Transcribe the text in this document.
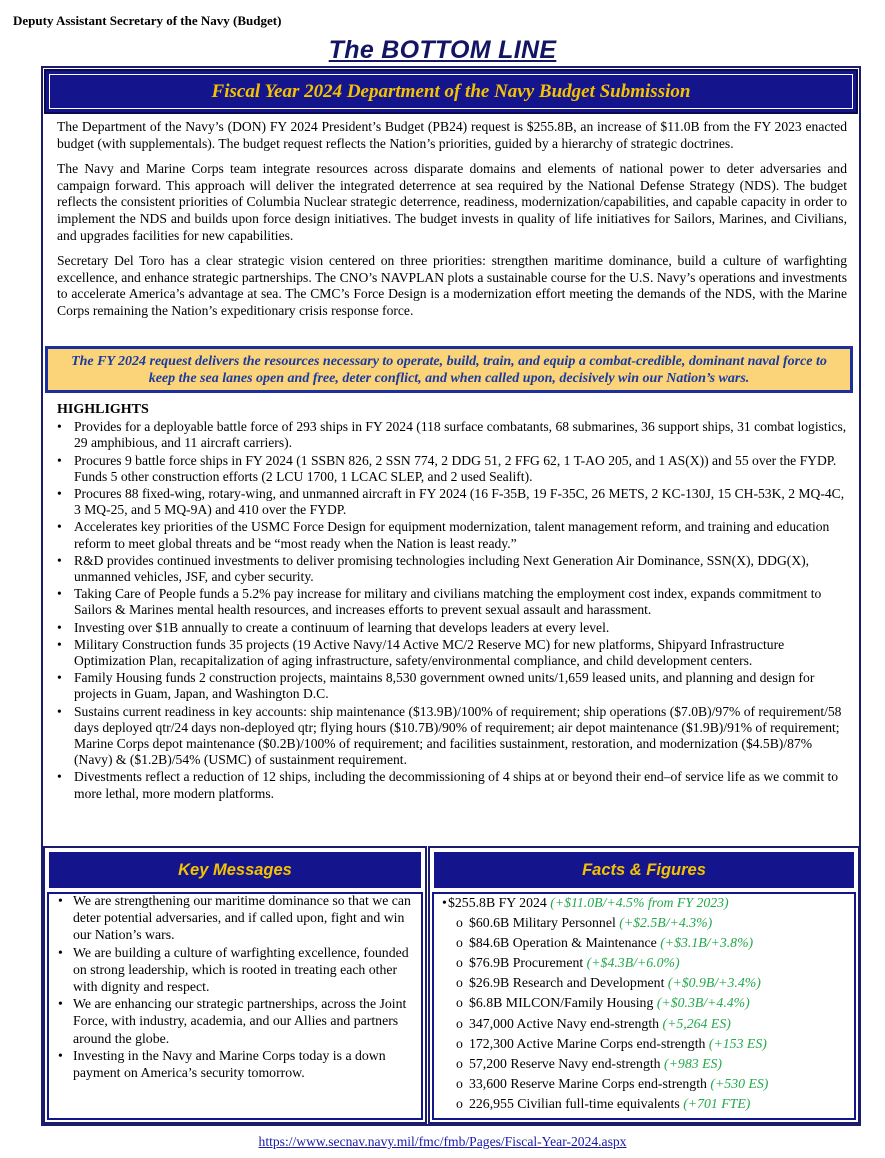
Deputy Assistant Secretary of the Navy (Budget)
The BOTTOM LINE
Fiscal Year 2024 Department of the Navy Budget Submission

The Department of the Navy’s (DON) FY 2024 President’s Budget (PB24) request is $255.8B, an increase of $11.0B from the FY 2023 enacted budget (with supplementals). The budget request reflects the Nation’s priorities, guided by a hierarchy of strategic doctrines.

The Navy and Marine Corps team integrate resources across disparate domains and elements of national power to deter adversaries and campaign forward. This approach will deliver the integrated deterrence at sea required by the National Defense Strategy (NDS). The budget reflects the consistent priorities of Columbia Nuclear strategic deterrence, readiness, modernization/capabilities, and capable capacity in order to implement the NDS and builds upon force design initiatives. The budget invests in quality of life initiatives for Sailors, Marines, and Civilians, and upgrades facilities for new capabilities.

Secretary Del Toro has a clear strategic vision centered on three priorities: strengthen maritime dominance, build a culture of warfighting excellence, and enhance strategic partnerships. The CNO’s NAVPLAN plots a sustainable course for the U.S. Navy’s operations and investments to accelerate America’s advantage at sea. The CMC’s Force Design is a modernization effort meeting the demands of the NDS, with the Marine Corps remaining the Nation’s expeditionary crisis response force.

The FY 2024 request delivers the resources necessary to operate, build, train, and equip a combat-credible, dominant naval force to keep the sea lanes open and free, deter conflict, and when called upon, decisively win our Nation’s wars.
HIGHLIGHTS
• Provides for a deployable battle force of 293 ships in FY 2024 (118 surface combatants, 68 submarines, 36 support ships, 31 combat logistics, 29 amphibious, and 11 aircraft carriers).
• Procures 9 battle force ships in FY 2024 (1 SSBN 826, 2 SSN 774, 2 DDG 51, 2 FFG 62, 1 T-AO 205, and 1 AS(X)) and 55 over the FYDP. Funds 5 other construction efforts (2 LCU 1700, 1 LCAC SLEP, and 2 used Sealift).
• Procures 88 fixed-wing, rotary-wing, and unmanned aircraft in FY 2024 (16 F-35B, 19 F-35C, 26 METS, 2 KC-130J, 15 CH-53K, 2 MQ-4C, 3 MQ-25, and 5 MQ-9A) and 410 over the FYDP.
• Accelerates key priorities of the USMC Force Design for equipment modernization, talent management reform, and training and education reform to meet global threats and be “most ready when the Nation is least ready.”
• R&D provides continued investments to deliver promising technologies including Next Generation Air Dominance, SSN(X), DDG(X), unmanned vehicles, JSF, and cyber security.
• Taking Care of People funds a 5.2% pay increase for military and civilians matching the employment cost index, expands commitment to Sailors & Marines mental health resources, and increases efforts to prevent sexual assault and harassment.
• Investing over $1B annually to create a continuum of learning that develops leaders at every level.
• Military Construction funds 35 projects (19 Active Navy/14 Active MC/2 Reserve MC) for new platforms, Shipyard Infrastructure Optimization Plan, recapitalization of aging infrastructure, safety/environmental compliance, and child development centers.
• Family Housing funds 2 construction projects, maintains 8,530 government owned units/1,659 leased units, and planning and design for projects in Guam, Japan, and Washington D.C.
• Sustains current readiness in key accounts: ship maintenance ($13.9B)/100% of requirement; ship operations ($7.0B)/97% of requirement/58 days deployed qtr/24 days non-deployed qtr; flying hours ($10.7B)/90% of requirement; air depot maintenance ($1.9B)/91% of requirement; Marine Corps depot maintenance ($0.2B)/100% of requirement; and facilities sustainment, restoration, and modernization ($4.5B)/87% (Navy) & ($1.2B)/54% (USMC) of sustainment requirement.
• Divestments reflect a reduction of 12 ships, including the decommissioning of 4 ships at or beyond their end–of service life as we commit to more lethal, more modern platforms.
Key Messages
• We are strengthening our maritime dominance so that we can deter potential adversaries, and if called upon, fight and win our Nation’s wars.
• We are building a culture of warfighting excellence, founded on strong leadership, which is rooted in treating each other with dignity and respect.
• We are enhancing our strategic partnerships, across the Joint Force, with industry, academia, and our Allies and partners around the globe.
• Investing in the Navy and Marine Corps today is a down payment on America’s security tomorrow.
Facts & Figures
• $255.8B FY 2024 (+$11.0B/+4.5% from FY 2023)
o $60.6B Military Personnel (+$2.5B/+4.3%)
o $84.6B Operation & Maintenance (+$3.1B/+3.8%)
o $76.9B Procurement (+$4.3B/+6.0%)
o $26.9B Research and Development (+$0.9B/+3.4%)
o $6.8B MILCON/Family Housing (+$0.3B/+4.4%)
o 347,000 Active Navy end-strength (+5,264 ES)
o 172,300 Active Marine Corps end-strength (+153 ES)
o 57,200 Reserve Navy end-strength (+983 ES)
o 33,600 Reserve Marine Corps end-strength (+530 ES)
o 226,955 Civilian full-time equivalents (+701 FTE)
https://www.secnav.navy.mil/fmc/fmb/Pages/Fiscal-Year-2024.aspx
